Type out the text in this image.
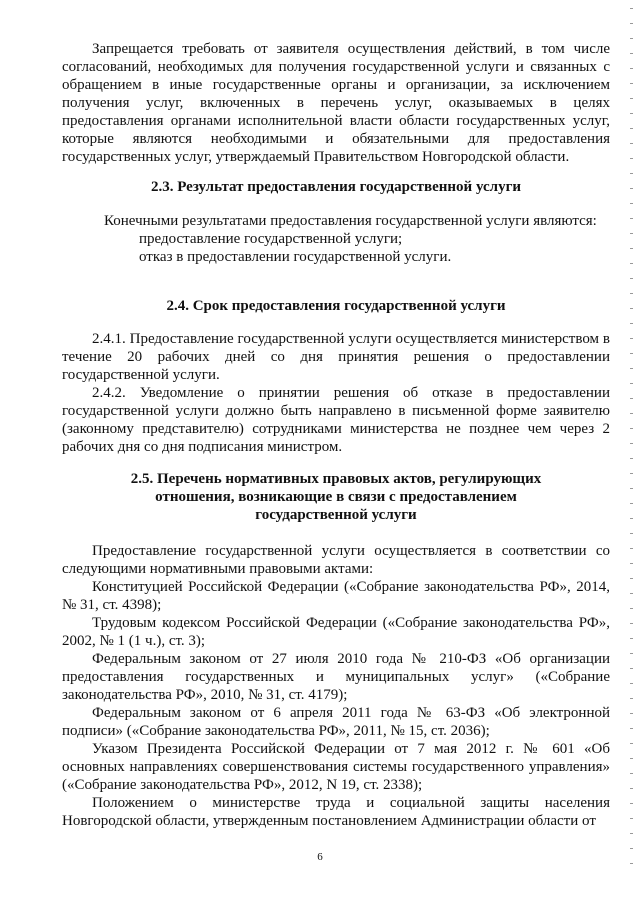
Запрещается требовать от заявителя осуществления действий, в том числе согласований, необходимых для получения государственной услуги и связанных с обращением в иные государственные органы и организации, за исключением получения услуг, включенных в перечень услуг, оказываемых в целях предоставления органами исполнительной власти области государственных услуг, которые являются необходимыми и обязательными для предоставления государственных услуг, утверждаемый Правительством Новгородской области.

2.3. Результат предоставления государственной услуги

Конечными результатами предоставления государственной услуги являются:
предоставление государственной услуги;
отказ в предоставлении государственной услуги.

2.4. Срок предоставления государственной услуги

2.4.1. Предоставление государственной услуги осуществляется министерством в течение 20 рабочих дней со дня принятия решения о предоставлении государственной услуги.

2.4.2. Уведомление о принятии решения об отказе в предоставлении государственной услуги должно быть направлено в письменной форме заявителю (законному представителю) сотрудниками министерства не позднее чем через 2 рабочих дня со дня подписания министром.

2.5. Перечень нормативных правовых актов, регулирующих

отношения, возникающие в связи с предоставлением

государственной услуги

Предоставление государственной услуги осуществляется в соответствии со следующими нормативными правовыми актами:

Конституцией Российской Федерации («Собрание законодательства РФ», 2014, № 31, ст. 4398);

Трудовым кодексом Российской Федерации («Собрание законодательства РФ», 2002, № 1 (1 ч.), ст. 3);

Федеральным законом от 27 июля 2010 года № 210-ФЗ «Об организации предоставления государственных и муниципальных услуг» («Собрание законодательства РФ», 2010, № 31, ст. 4179);

Федеральным законом от 6 апреля 2011 года № 63-ФЗ «Об электронной подписи» («Собрание законодательства РФ», 2011, № 15, ст. 2036);

Указом Президента Российской Федерации от 7 мая 2012 г. № 601 «Об основных направлениях совершенствования системы государственного управления» («Собрание законодательства РФ», 2012, N 19, ст. 2338);

Положением о министерстве труда и социальной защиты населения Новгородской области, утвержденным постановлением Администрации области от

6
